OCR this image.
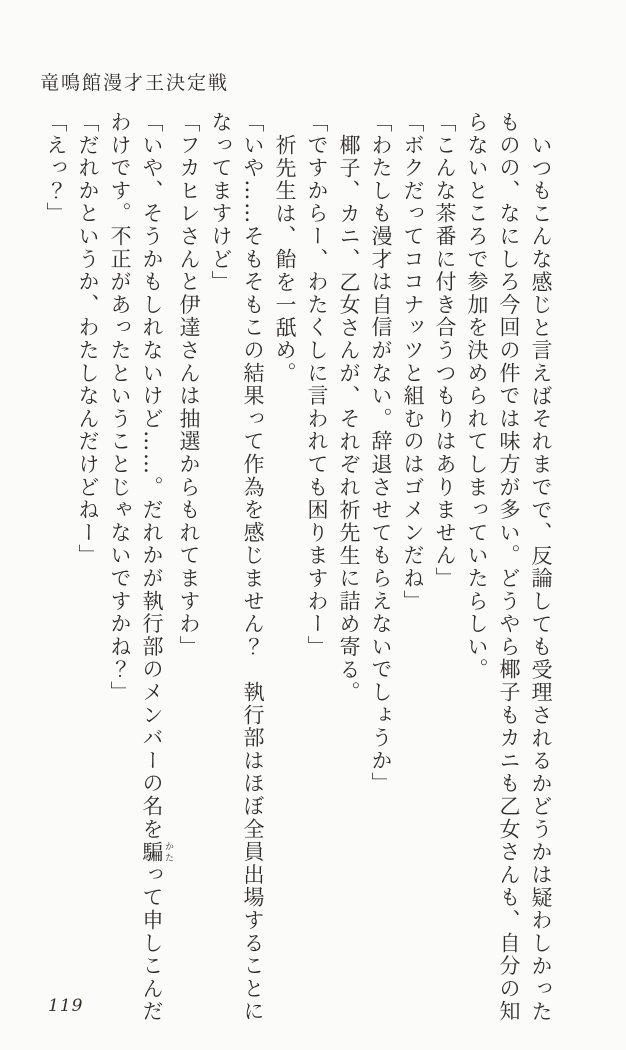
竜鳴館漫才王決定戦

いつもこんな感じと言えばそれまでで、反論しても受理されるかどうかは疑わしかった

ものの、なにしろ今回の件では味方が多い。どうやら椰子もカニも乙女さんも、自分の知

らないところで参加を決められてしまっていたらしい。

「こんな茶番に付き合うつもりはありません」

「ボクだってココナッツと組むのはゴメンだね」

「わたしも漫才は自信がない。辞退させてもらえないでしょうか」

椰子、カニ、乙女さんが、それぞれ祈先生に詰め寄る。

「ですからー、わたくしに言われても困りますわー」

祈先生は、飴を一舐め。

「いや……そもそもこの結果って作為を感じません？　執行部はほぼ全員出場することに

なってますけど」

「フカヒレさんと伊達さんは抽選からもれてますわ」

「いや、そうかもしれないけど……。だれかが執行部のメンバーの名を騙 かたって申しこんだ

わけです。不正があったということじゃないですかね？」

「だれかというか、わたしなんだけどねー」

「えっ？」

119
